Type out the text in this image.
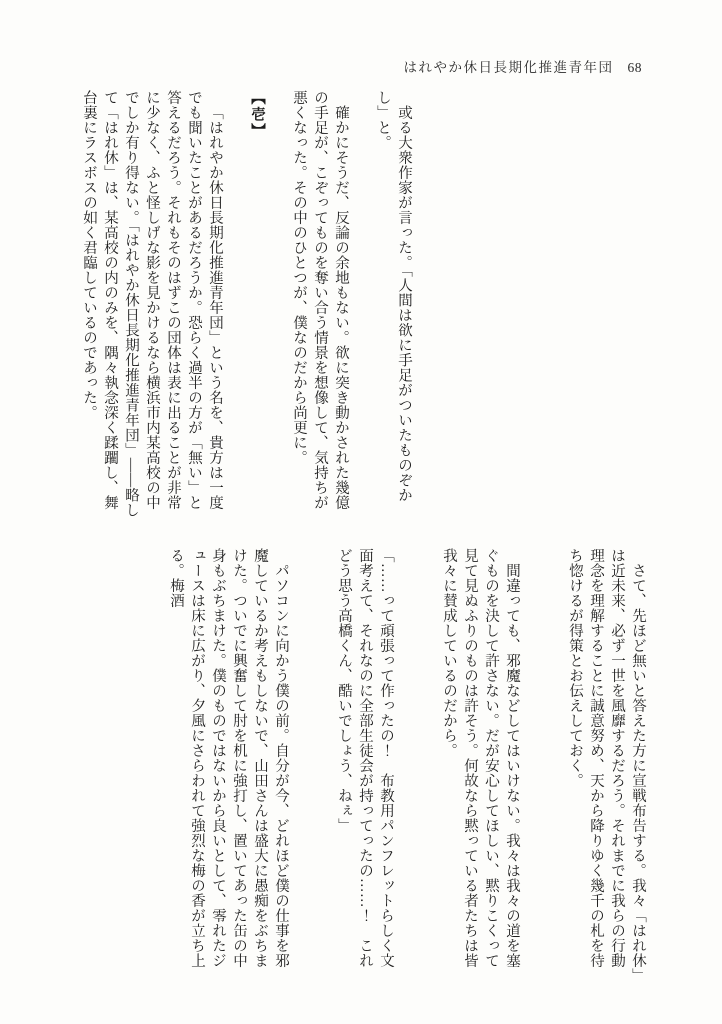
はれやか休日長期化推進青年団 68

或る大衆作家が言った。「人間は欲に手足がついたものぞかし」と。

確かにそうだ、反論の余地もない。欲に突き動かされた幾億の手足が、こぞってものを奪い合う情景を想像して、気持ちが悪くなった。その中のひとつが、僕なのだから尚更に。

【壱】

「はれやか休日長期化推進青年団」という名を、貴方は一度でも聞いたことがあるだろうか。恐らく過半の方が「無い」と答えるだろう。それもそのはずこの団体は表に出ることが非常に少なく、ふと怪しげな影を見かけるなら横浜市内某高校の中でしか有り得ない。「はれやか休日長期化推進青年団」――略して「はれ休」は、某高校の内のみを、隅々執念深く蹂躙し、舞台裏にラスボスの如く君臨しているのであった。

さて、先ほど無いと答えた方に宣戦布告する。我々「はれ休」は近未来、必ず一世を風靡するだろう。それまでに我らの行動理念を理解することに誠意努め、天から降りゆく幾千の札を待ち惚けるが得策とお伝えしておく。

間違っても、邪魔などしてはいけない。我々は我々の道を塞ぐものを決して許さない。だが安心してほしい、黙りこくって見て見ぬふりのものは許そう。何故なら黙っている者たちは皆我々に賛成しているのだから。

「……って頑張って作ったの！　布教用パンフレットらしく文面考えて、それなのに全部生徒会が持ってったの……！　これどう思う高橋くん、酷いでしょう、ねぇ」

パソコンに向かう僕の前。自分が今、どれほど僕の仕事を邪魔しているか考えもしないで、山田さんは盛大に愚痴をぶちまけた。ついでに興奮して肘を机に強打し、置いてあった缶の中身もぶちまけた。僕のものではないから良いとして、零れたジュースは床に広がり、夕風にさらわれて強烈な梅の香が立ち上る。梅酒
